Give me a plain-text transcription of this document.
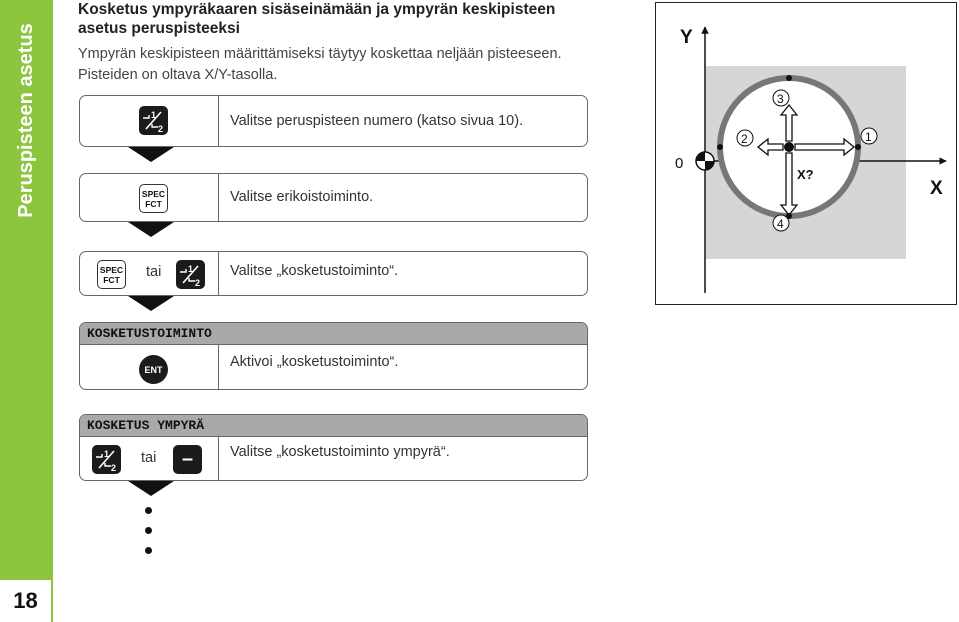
Peruspisteen asetus
18
Kosketus ympyräkaaren sisäseinämään ja ympyrän keskipisteen asetus peruspisteeksi
Ympyrän keskipisteen määrittämiseksi täytyy koskettaa neljään pisteeseen. Pisteiden on oltava X/Y-tasolla.
1
2	Valitse peruspisteen numero (katso sivua 10).
SPEC
FCT	Valitse erikoistoiminto.
SPEC
FCT	tai	1
2
Valitse „kosketustoiminto“.
KOSKETUSTOIMINTO
ENT	Aktivoi „kosketustoiminto“.
KOSKETUS YMPYRÄ
1
2
tai	–	Valitse „kosketustoiminto ympyrä“.
Y
X
0
1
2
3
4
X?
